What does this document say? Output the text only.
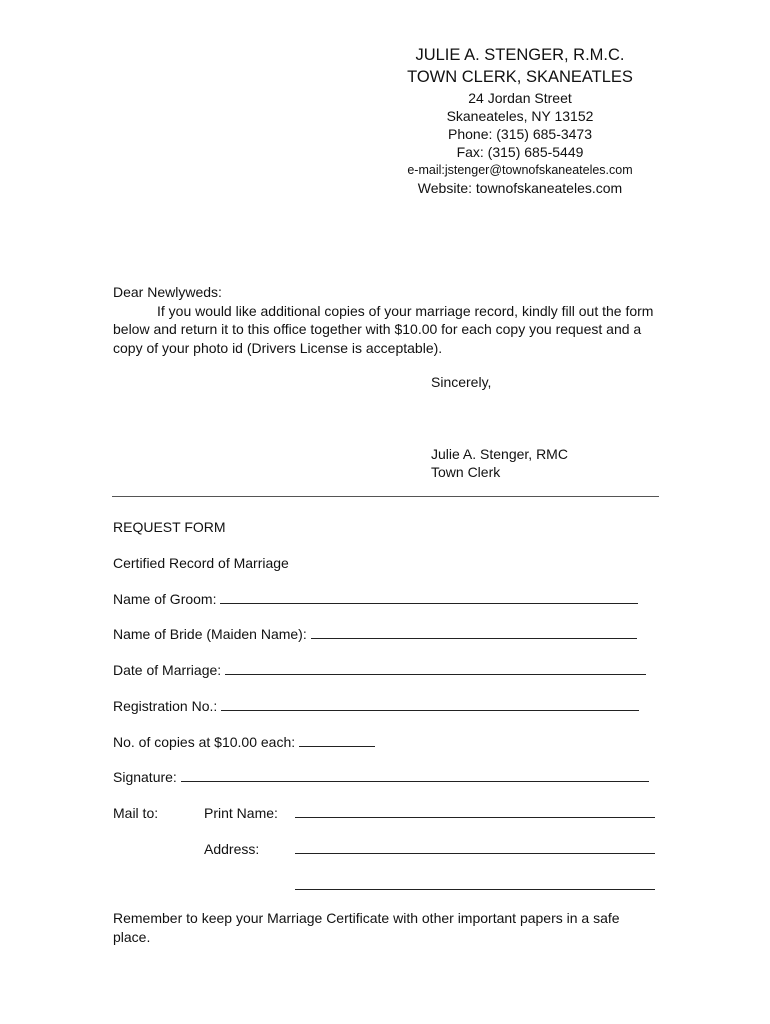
JULIE A. STENGER, R.M.C.
TOWN CLERK, SKANEATLES
24 Jordan Street
Skaneateles, NY 13152
Phone: (315) 685-3473
Fax: (315) 685-5449
e-mail:jstenger@townofskaneateles.com
Website: townofskaneateles.com

Dear Newlyweds:

If you would like additional copies of your marriage record, kindly fill out the form below and return it to this office together with $10.00 for each copy you request and a copy of your photo id (Drivers License is acceptable).

Sincerely,
Julie A. Stenger, RMC
Town Clerk
REQUEST FORM
Certified Record of Marriage
Name of Groom:
Name of Bride (Maiden Name):
Date of Marriage:
Registration No.:
No. of copies at $10.00 each:
Signature:
Mail to:	Print Name:
Address:
Remember to keep your Marriage Certificate with other important papers in a safe place.
